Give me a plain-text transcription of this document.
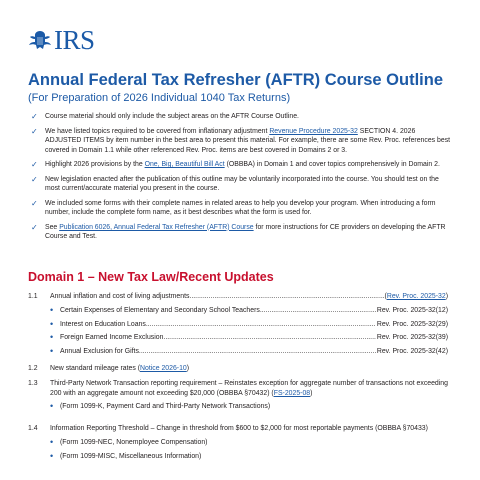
IRS
Annual Federal Tax Refresher (AFTR) Course Outline

(For Preparation of 2026 Individual 1040 Tax Returns)

✓ Course material should only include the subject areas on the AFTR Course Outline.
✓ We have listed topics required to be covered from inflationary adjustment Revenue Procedure 2025-32 SECTION 4. 2026 ADJUSTED ITEMS by item number in the best area to present this material. For example, there are some Rev. Proc. references best covered in Domain 1.1 while other referenced Rev. Proc. items are best covered in Domains 2 or 3.
✓ Highlight 2026 provisions by the One, Big, Beautiful Bill Act (OBBBA) in Domain 1 and cover topics comprehensively in Domain 2.
✓ New legislation enacted after the publication of this outline may be voluntarily incorporated into the course. You should test on the most current/accurate material you present in the course.
✓ We included some forms with their complete names in related areas to help you develop your program. When introducing a form number, include the complete form name, as it best describes what the form is used for.
✓ See Publication 6026, Annual Federal Tax Refresher (AFTR) Course for more instructions for CE providers on developing the AFTR Course and Test.
Domain 1 – New Tax Law/Recent Updates
1.1 Annual inflation and cost of living adjustments .....	( Rev. Proc. 2025-32 )
• Certain Expenses of Elementary and Secondary School Teachers .....	Rev. Proc. 2025-32(12)
• Interest on Education Loans .....	Rev. Proc. 2025-32(29)
• Foreign Earned Income Exclusion .....	Rev. Proc. 2025-32(39)
• Annual Exclusion for Gifts .....	Rev. Proc. 2025-32(42)
1.2 New standard mileage rates (Notice 2026-10)
1.3 Third-Party Network Transaction reporting requirement – Reinstates exception for aggregate number of transactions not exceeding 200 with an aggregate amount not exceeding $20,000 (OBBBA §70432) (FS-2025-08)
• (Form 1099-K, Payment Card and Third-Party Network Transactions)
1.4 Information Reporting Threshold – Change in threshold from $600 to $2,000 for most reportable payments (OBBBA §70433)
• (Form 1099-NEC, Nonemployee Compensation)
• (Form 1099-MISC, Miscellaneous Information)
